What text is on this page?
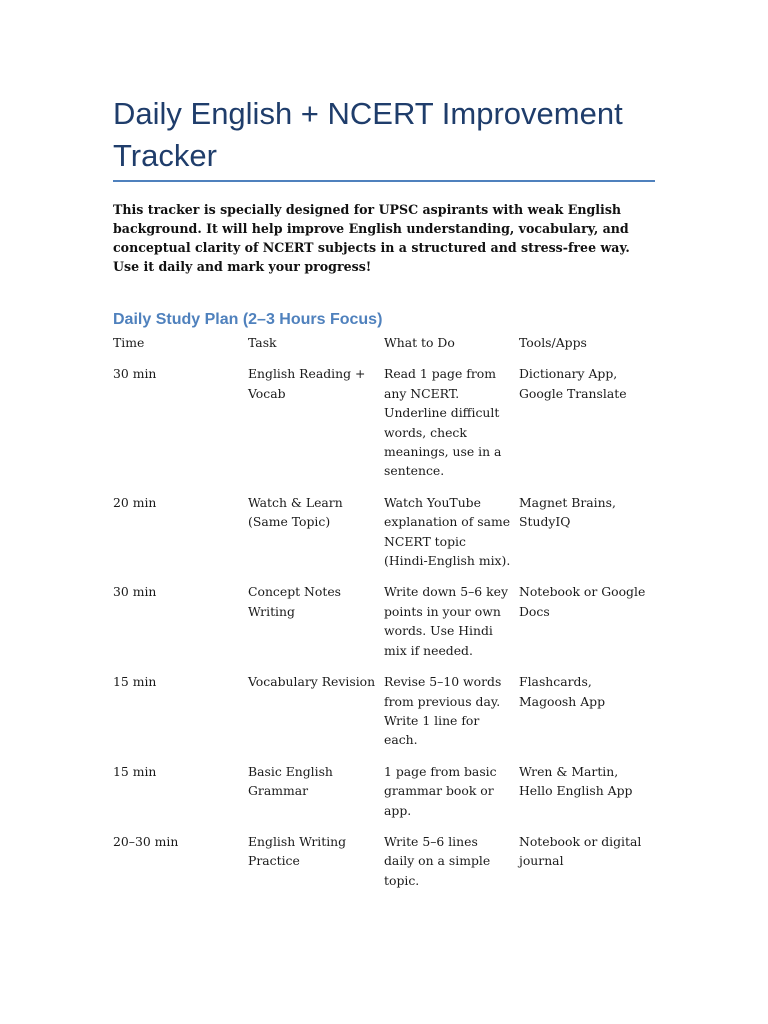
Daily English + NCERT Improvement Tracker

This tracker is specially designed for UPSC aspirants with weak English background. It will help improve English understanding, vocabulary, and conceptual clarity of NCERT subjects in a structured and stress-free way. Use it daily and mark your progress!

Daily Study Plan (2–3 Hours Focus)
Time	Task	What to Do	Tools/Apps
30 min	English Reading + Vocab	Read 1 page from any NCERT. Underline difficult words, check meanings, use in a sentence.	Dictionary App, Google Translate
20 min	Watch & Learn (Same Topic)	Watch YouTube explanation of same NCERT topic (Hindi-English mix).	Magnet Brains, StudyIQ
30 min	Concept Notes Writing	Write down 5–6 key points in your own words. Use Hindi mix if needed.	Notebook or Google Docs
15 min	Vocabulary Revision	Revise 5–10 words from previous day. Write 1 line for each.	Flashcards, Magoosh App
15 min	Basic English Grammar	1 page from basic grammar book or app.	Wren & Martin, Hello English App
20–30 min	English Writing Practice	Write 5–6 lines daily on a simple topic.	Notebook or digital journal
